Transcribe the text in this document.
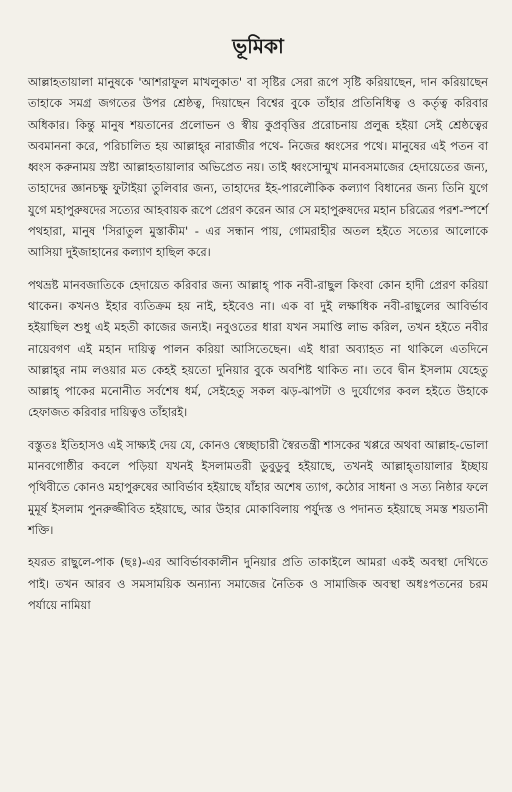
ভূমিকা

আল্লাহতায়ালা মানুষকে 'আশরাফুল মাখলুকাত' বা সৃষ্টির সেরা রূপে সৃষ্টি করিয়াছেন, দান করিয়াছেন তাহাকে সমগ্র জগতের উপর শ্রেষ্ঠত্ব, দিয়াছেন বিশ্বের বুকে তাঁহার প্রতিনিধিত্ব ও কর্তৃত্ব করিবার অধিকার। কিন্তু মানুষ শয়তানের প্রলোভন ও স্বীয় কুপ্রবৃত্তির প্ররোচনায় প্রলুব্ধ হইয়া সেই শ্রেষ্ঠত্বের অবমাননা করে, পরিচালিত হয় আল্লাহ্‌র নারাজীর পথে- নিজের ধ্বংসের পথে। মানুষের এই পতন বা ধ্বংস করুনাময় স্রষ্টা আল্লাহতায়ালার অভিপ্রেত নয়। তাই ধ্বংসোন্মুখ মানবসমাজের হেদায়েতের জন্য, তাহাদের জ্ঞানচক্ষু ফুটাইয়া তুলিবার জন্য, তাহাদের ইহ-পারলৌকিক কল্যাণ বিধানের জন্য তিনি যুগে যুগে মহাপুরুষদের সত্যের আহবায়ক রূপে প্রেরণ করেন আর সে মহাপুরুষদের মহান চরিত্রের পরশ-স্পর্শে পথহারা, মানুষ 'সিরাতুল মুস্তাকীম' - এর সন্ধান পায়, গোমরাহীর অতল হইতে সত্যের আলোকে আসিয়া দুইজাহানের কল্যাণ হাছিল করে।

পথভ্রষ্ট মানবজাতিকে হেদায়েত করিবার জন্য আল্লাহ্‌ পাক নবী-রাছুল কিংবা কোন হাদী প্রেরণ করিয়া থাকেন। কখনও ইহার ব্যতিক্রম হয় নাই, হইবেও না। এক বা দুই লক্ষাধিক নবী-রাছুলের আবির্ভাব হইয়াছিল শুধু এই মহতী কাজের জন্যই। নবুওতের ধারা যখন সমাপ্তি লাভ করিল, তখন হইতে নবীর নায়েবগণ এই মহান দায়িত্ব পালন করিয়া আসিতেছেন। এই ধারা অব্যাহত না থাকিলে এতদিনে আল্লাহ্‌র নাম লওয়ার মত কেহই হয়তো দুনিয়ার বুকে অবশিষ্ট থাকিত না। তবে দ্বীন ইসলাম যেহেতু আল্লাহ্‌ পাকের মনোনীত সর্বশেষ ধর্ম, সেইহেতু সকল ঝড়-ঝাপটা ও দুর্যোগের কবল হইতে উহাকে হেফাজত করিবার দায়িত্বও তাঁহারই।

বস্তুতঃ ইতিহাসও এই সাক্ষ্যই দেয় যে, কোনও স্বেচ্ছাচারী স্বৈরতন্ত্রী শাসকের খপ্পরে অথবা আল্লাহ-ভোলা মানবগোষ্ঠীর কবলে পড়িয়া যখনই ইসলামতরী ডুবুডুবু হইয়াছে, তখনই আল্লাহ্‌তায়ালার ইচ্ছায় পৃথিবীতে কোনও মহাপুরুষের আবির্ভাব হইয়াছে যাঁহার অশেষ ত্যাগ, কঠোর সাধনা ও সত্য নিষ্ঠার ফলে মুমূর্ষ ইসলাম পুনরুজ্জীবিত হইয়াছে, আর উহার মোকাবিলায় পর্যুদস্ত ও পদানত হইয়াছে সমস্ত শয়তানী শক্তি।

হযরত রাছুলে-পাক (ছঃ)-এর আবির্ভাবকালীন দুনিয়ার প্রতি তাকাইলে আমরা একই অবস্থা দেখিতে পাই। তখন আরব ও সমসাময়িক অন্যান্য সমাজের নৈতিক ও সামাজিক অবস্থা অধঃপতনের চরম পর্যায়ে নামিয়া
